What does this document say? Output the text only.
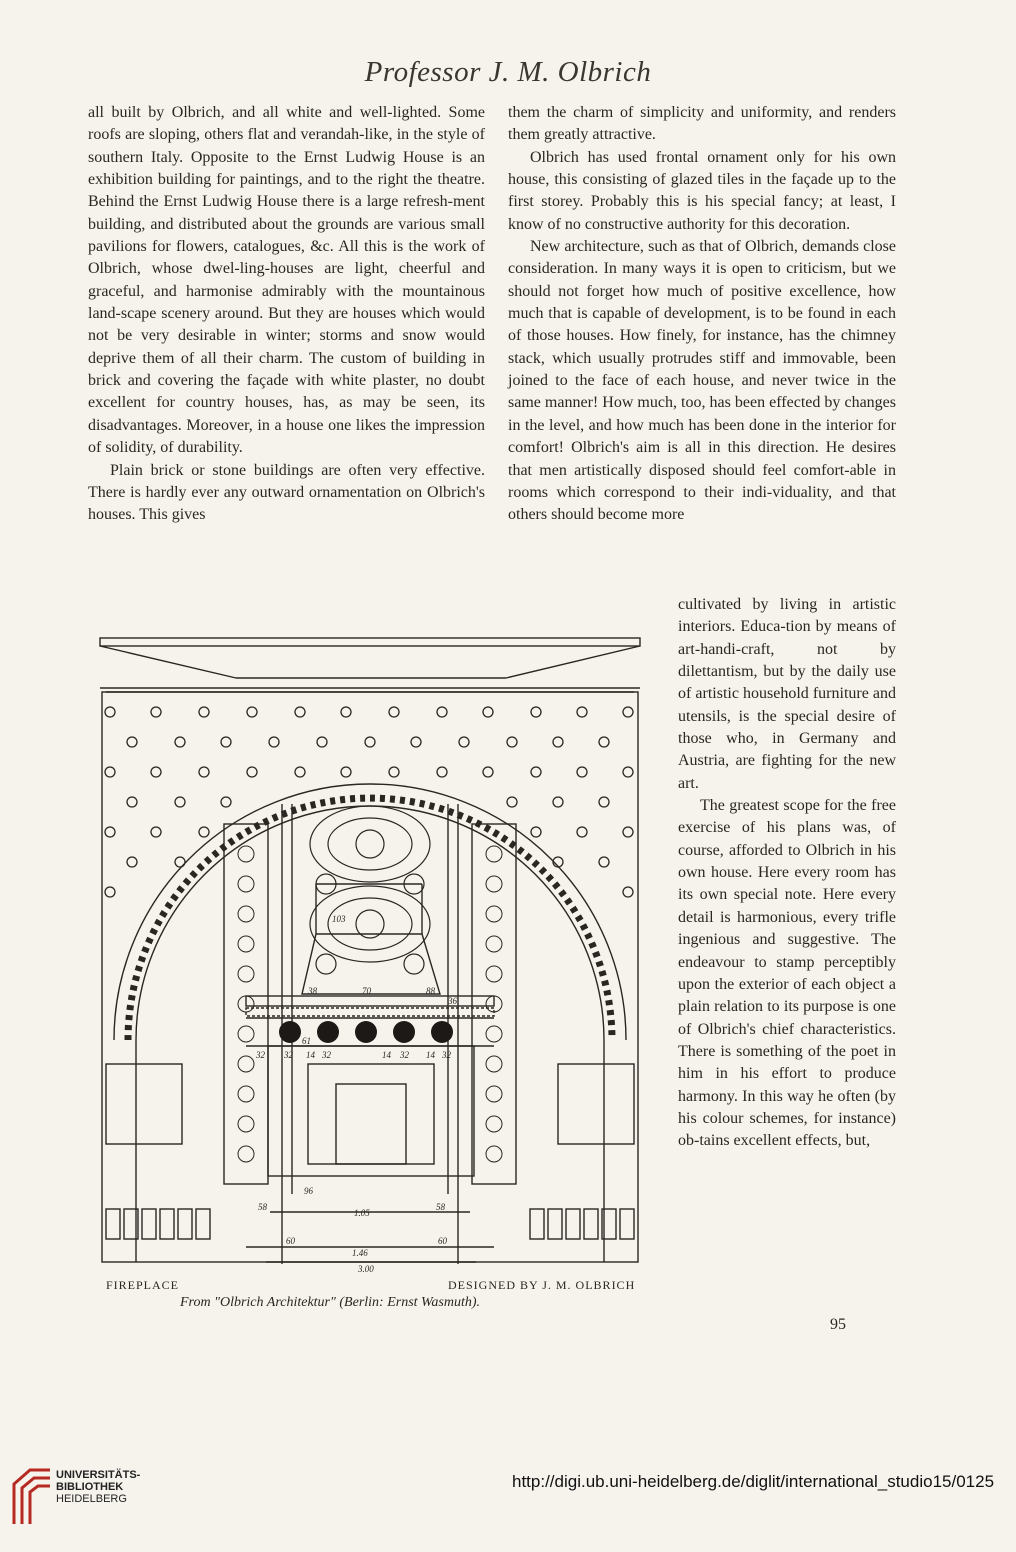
Professor J. M. Olbrich

all built by Olbrich, and all white and well-lighted. Some roofs are sloping, others flat and verandah-like, in the style of southern Italy. Opposite to the Ernst Ludwig House is an exhibition building for paintings, and to the right the theatre. Behind the Ernst Ludwig House there is a large refresh-ment building, and distributed about the grounds are various small pavilions for flowers, catalogues, &c. All this is the work of Olbrich, whose dwel-ling-houses are light, cheerful and graceful, and harmonise admirably with the mountainous land-scape scenery around. But they are houses which would not be very desirable in winter; storms and snow would deprive them of all their charm. The custom of building in brick and covering the façade with white plaster, no doubt excellent for country houses, has, as may be seen, its disadvantages. Moreover, in a house one likes the impression of solidity, of durability.

Plain brick or stone buildings are often very effective. There is hardly ever any outward ornamentation on Olbrich's houses. This gives

them the charm of simplicity and uniformity, and renders them greatly attractive.

Olbrich has used frontal ornament only for his own house, this consisting of glazed tiles in the façade up to the first storey. Probably this is his special fancy; at least, I know of no constructive authority for this decoration.

New architecture, such as that of Olbrich, demands close consideration. In many ways it is open to criticism, but we should not forget how much of positive excellence, how much that is capable of development, is to be found in each of those houses. How finely, for instance, has the chimney stack, which usually protrudes stiff and immovable, been joined to the face of each house, and never twice in the same manner! How much, too, has been effected by changes in the level, and how much has been done in the interior for comfort! Olbrich's aim is all in this direction. He desires that men artistically disposed should feel comfort-able in rooms which correspond to their indi-viduality, and that others should become more

cultivated by living in artistic interiors. Educa-tion by means of art-handi-craft, not by dilettantism, but by the daily use of artistic household furniture and utensils, is the special desire of those who, in Germany and Austria, are fighting for the new art.

The greatest scope for the free exercise of his plans was, of course, afforded to Olbrich in his own house. Here every room has its own special note. Here every detail is harmonious, every trifle ingenious and suggestive. The endeavour to stamp perceptibly upon the exterior of each object a plain relation to its purpose is one of Olbrich's chief characteristics. There is something of the poet in him in his effort to produce harmony. In this way he often (by his colour schemes, for instance) ob-tains excellent effects, but,

103
70	88
38
32 32	32	32	32
14	14	14
96
61
58	58
1.05
60	60
1.46
3.00
36
FIREPLACE	DESIGNED BY J. M. OLBRICH
From "Olbrich Architektur" (Berlin: Ernst Wasmuth).
95
UNIVERSITÄTS-
BIBLIOTHEK
HEIDELBERG
http://digi.ub.uni-heidelberg.de/diglit/international_studio15/0125
